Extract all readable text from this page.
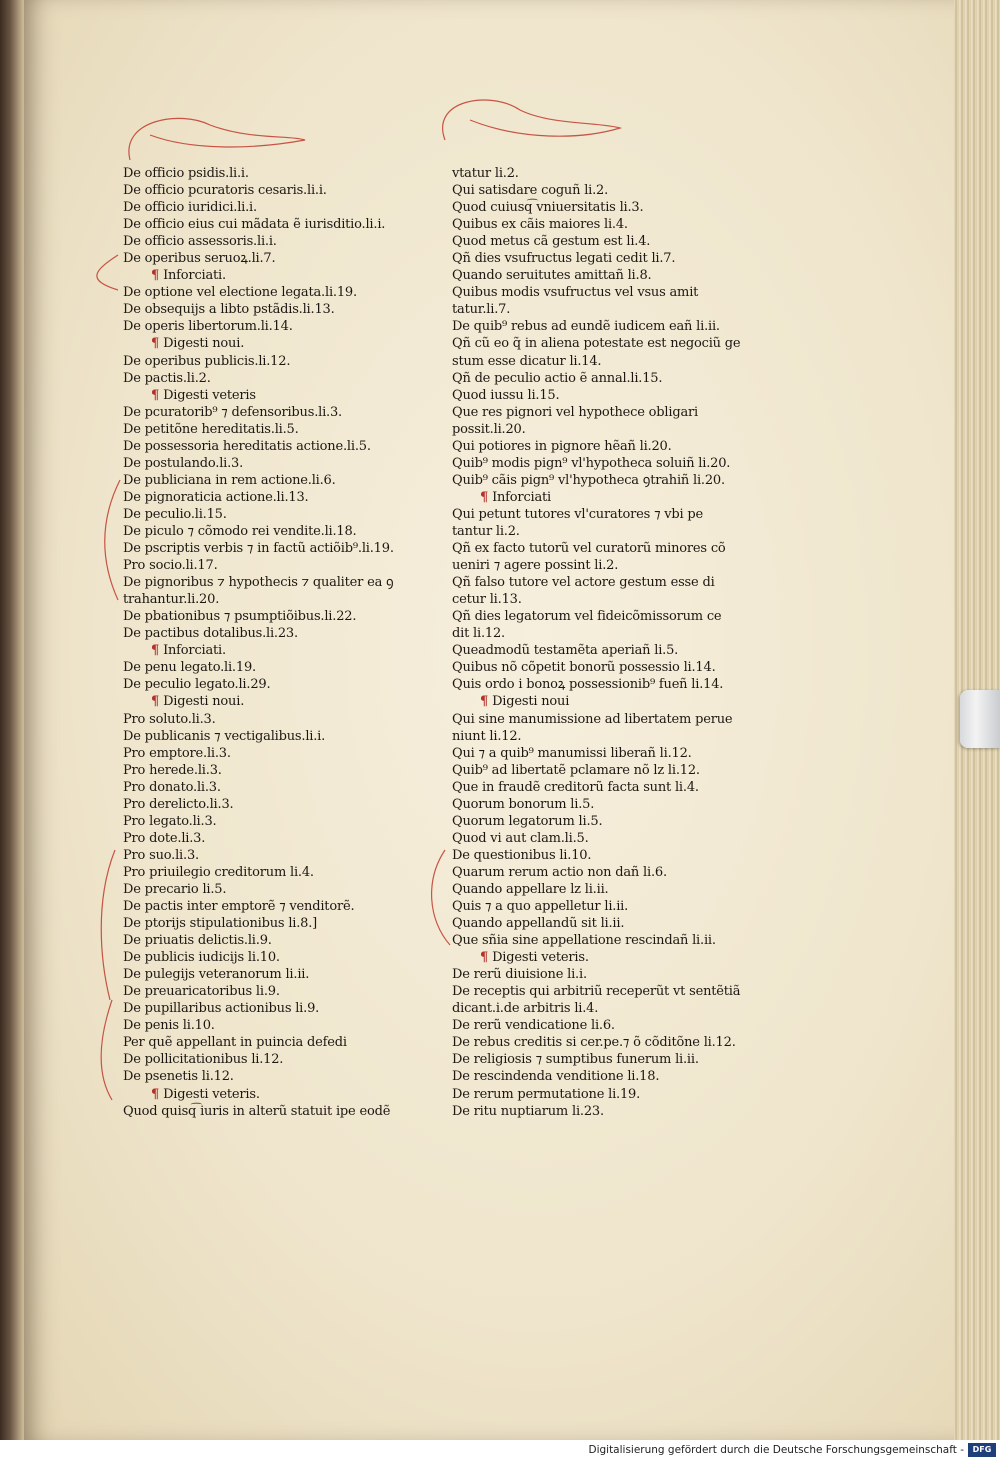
De officio psidis.li.i.
De officio pcuratoris cesaris.li.i.
De officio iuridici.li.i.
De officio eius cui mãdata ẽ iurisditio.li.i.
De officio assessoris.li.i.
De operibus seruoꝝ.li.7.
¶ Inforciati.
De optione vel electione legata.li.19.
De obsequijs a libto pstãdis.li.13.
De operis libertorum.li.14.
¶ Digesti noui.
De operibus publicis.li.12.
De pactis.li.2.
¶ Digesti veteris
De pcuratorib⁹ ⁊ defensoribus.li.3.
De petitõne hereditatis.li.5.
De possessoria hereditatis actione.li.5.
De postulando.li.3.
De publiciana in rem actione.li.6.
De pignoraticia actione.li.13.
De peculio.li.15.
De piculo ⁊ cõmodo rei vendite.li.18.
De pscriptis verbis ⁊ in factũ actiõib⁹.li.19.
Pro socio.li.17.
De pignoribus ⁊ hypothecis ⁊ qualiter ea ꝯ
trahantur.li.20.
De pbationibus ⁊ psumptiõibus.li.22.
De pactibus dotalibus.li.23.
¶ Inforciati.
De penu legato.li.19.
De peculio legato.li.29.
¶ Digesti noui.
Pro soluto.li.3.
De publicanis ⁊ vectigalibus.li.i.
Pro emptore.li.3.
Pro herede.li.3.
Pro donato.li.3.
Pro derelicto.li.3.
Pro legato.li.3.
Pro dote.li.3.
Pro suo.li.3.
Pro priuilegio creditorum li.4.
De precario li.5.
De pactis inter emptorẽ ⁊ venditorẽ.
De ptorijs stipulationibus li.8.]
De priuatis delictis.li.9.
De publicis iudicijs li.10.
De pulegijs veteranorum li.ii.
De preuaricatoribus li.9.
De pupillaribus actionibus li.9.
De penis li.10.
Per quẽ appellant in puincia defedi
De pollicitationibus li.12.
De psenetis li.12.
¶ Digesti veteris.
Quod quisq͡ iuris in alterũ statuit ipe eodẽ
vtatur li.2.
Qui satisdare coguñ li.2.
Quod cuiusq͡ vniuersitatis li.3.
Quibus ex cãis maiores li.4.
Quod metus cã gestum est li.4.
Qñ dies vsufructus legati cedit li.7.
Quando seruitutes amittañ li.8.
Quibus modis vsufructus vel vsus amit
tatur.li.7.
De quib⁹ rebus ad eundẽ iudicem eañ li.ii.
Qñ cũ eo q̃ in aliena potestate est negociũ ge
stum esse dicatur li.14.
Qñ de peculio actio ẽ annal.li.15.
Quod iussu li.15.
Que res pignori vel hypothece obligari
possit.li.20.
Qui potiores in pignore hẽañ li.20.
Quib⁹ modis pign⁹ vl'hypotheca soluiñ li.20.
Quib⁹ cãis pign⁹ vl'hypotheca ꝯtrahiñ li.20.
¶ Inforciati
Qui petunt tutores vl'curatores ⁊ vbi pe
tantur li.2.
Qñ ex facto tutorũ vel curatorũ minores cõ
ueniri ⁊ agere possint li.2.
Qñ falso tutore vel actore gestum esse di
cetur li.13.
Qñ dies legatorum vel fideicõmissorum ce
dit li.12.
Queadmodũ testamẽta aperiañ li.5.
Quibus nõ cõpetit bonorũ possessio li.14.
Quis ordo i bonoꝝ possessionib⁹ fueñ li.14.
¶ Digesti noui
Qui sine manumissione ad libertatem perue
niunt li.12.
Qui ⁊ a quib⁹ manumissi liberañ li.12.
Quib⁹ ad libertatẽ pclamare nõ lz li.12.
Que in fraudẽ creditorũ facta sunt li.4.
Quorum bonorum li.5.
Quorum legatorum li.5.
Quod vi aut clam.li.5.
De questionibus li.10.
Quarum rerum actio non dañ li.6.
Quando appellare lz li.ii.
Quis ⁊ a quo appelletur li.ii.
Quando appellandũ sit li.ii.
Que sñia sine appellatione rescindañ li.ii.
¶ Digesti veteris.
De rerũ diuisione li.i.
De receptis qui arbitriũ receperũt vt sentẽtiã
dicant.i.de arbitris li.4.
De rerũ vendicatione li.6.
De rebus creditis si cer.pe.⁊ õ cõditõne li.12.
De religiosis ⁊ sumptibus funerum li.ii.
De rescindenda venditione li.18.
De rerum permutatione li.19.
De ritu nuptiarum li.23.
Digitalisierung gefördert durch die Deutsche Forschungsgemeinschaft -	DFG
